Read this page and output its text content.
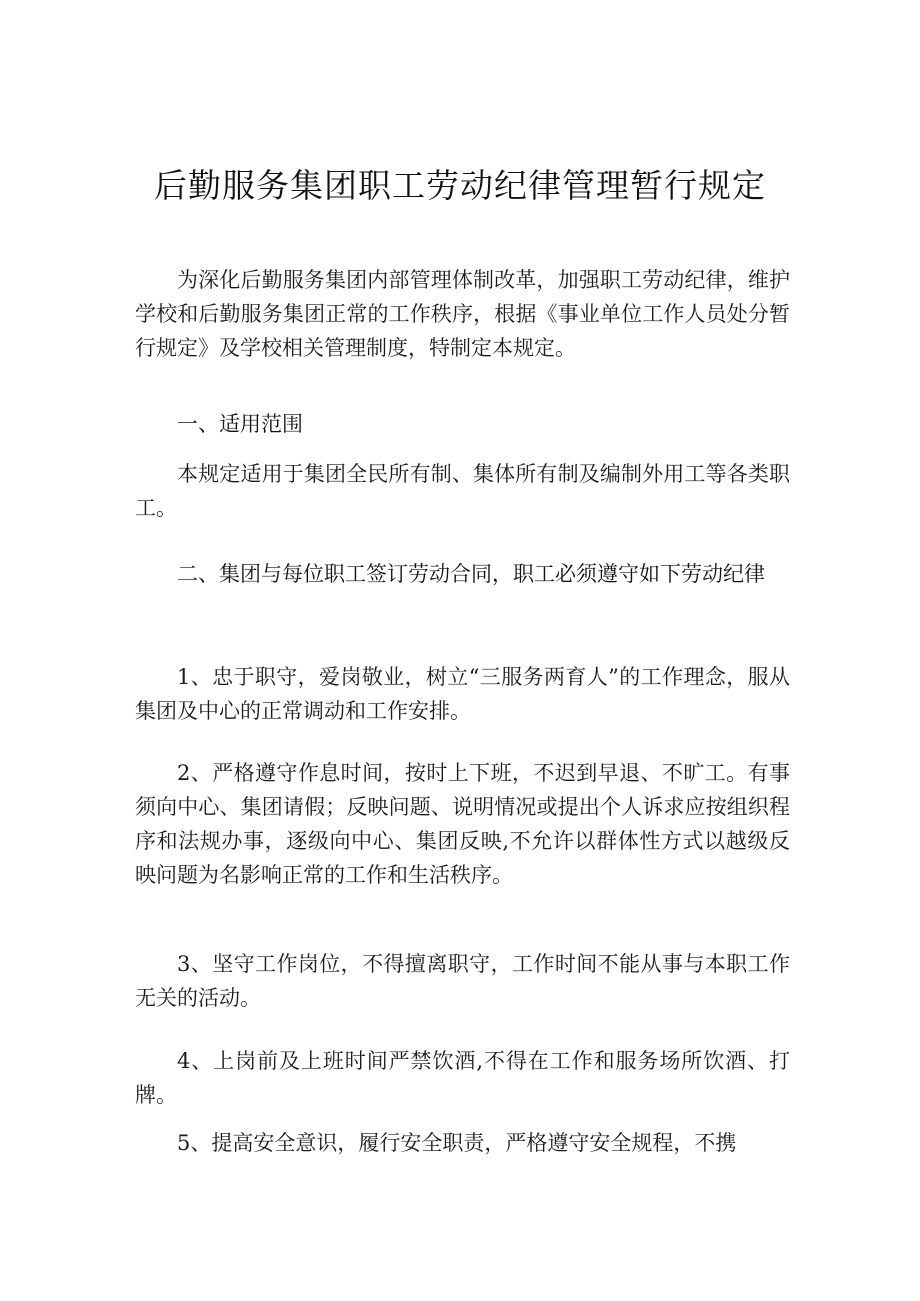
后勤服务集团职工劳动纪律管理暂行规定
为深化后勤服务集团内部管理体制改革，加强职工劳动纪律，维护学校和后勤服务集团正常的工作秩序，根据《事业单位工作人员处分暂行规定》及学校相关管理制度，特制定本规定。
一、适用范围
本规定适用于集团全民所有制、集体所有制及编制外用工等各类职工。
二、集团与每位职工签订劳动合同，职工必须遵守如下劳动纪律
1、忠于职守，爱岗敬业，树立“三服务两育人”的工作理念，服从集团及中心的正常调动和工作安排。
2、严格遵守作息时间，按时上下班，不迟到早退、不旷工。有事须向中心、集团请假；反映问题、说明情况或提出个人诉求应按组织程序和法规办事，逐级向中心、集团反映,不允许以群体性方式以越级反映问题为名影响正常的工作和生活秩序。
3、坚守工作岗位，不得擅离职守，工作时间不能从事与本职工作无关的活动。
4、上岗前及上班时间严禁饮酒,不得在工作和服务场所饮酒、打牌。
5、提高安全意识，履行安全职责，严格遵守安全规程，不携
